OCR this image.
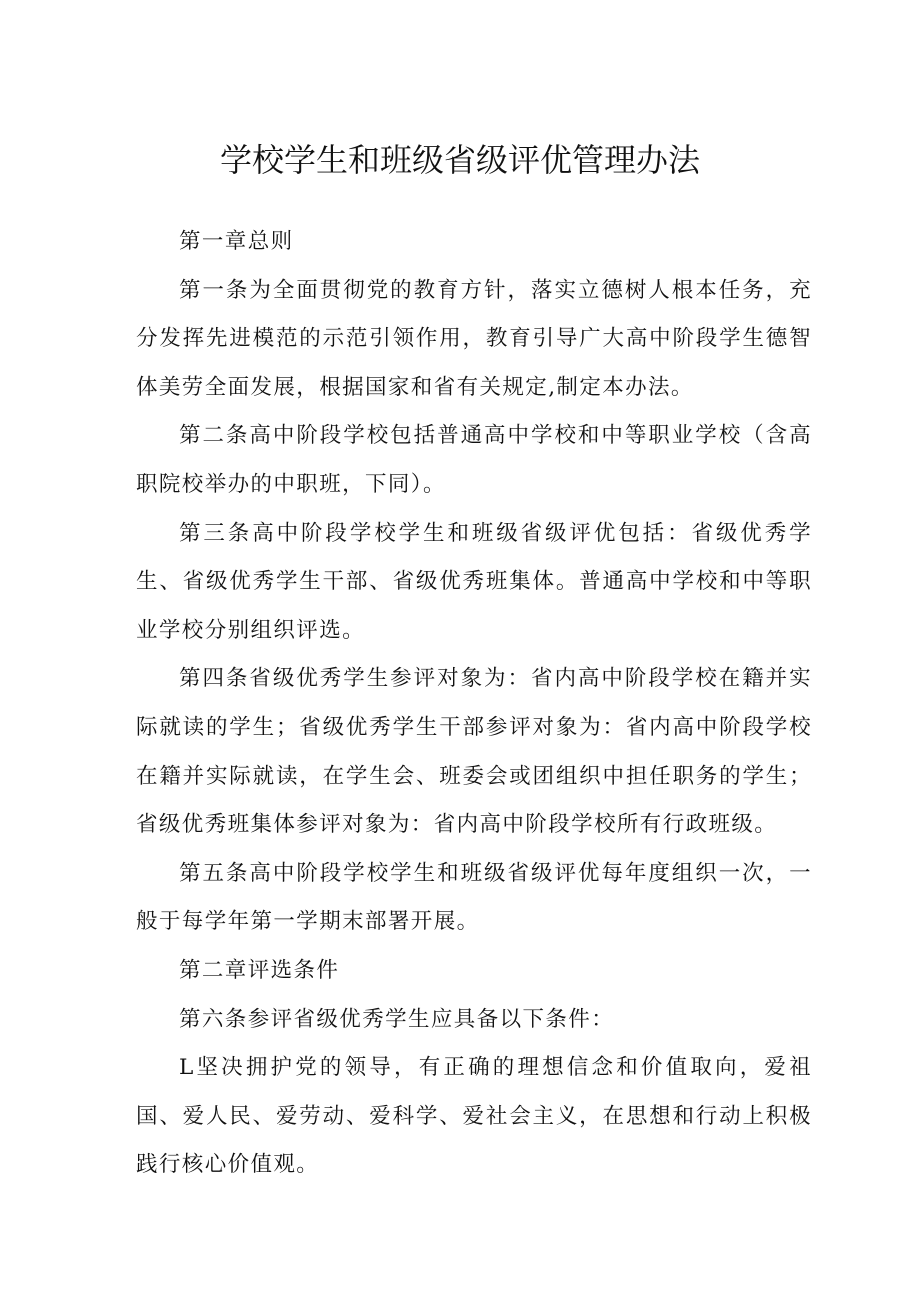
学校学生和班级省级评优管理办法

第一章总则

第一条为全面贯彻党的教育方针，落实立德树人根本任务，充分发挥先进模范的示范引领作用，教育引导广大高中阶段学生德智体美劳全面发展，根据国家和省有关规定,制定本办法。

第二条高中阶段学校包括普通高中学校和中等职业学校（含高职院校举办的中职班，下同）。

第三条高中阶段学校学生和班级省级评优包括：省级优秀学生、省级优秀学生干部、省级优秀班集体。普通高中学校和中等职业学校分别组织评选。

第四条省级优秀学生参评对象为：省内高中阶段学校在籍并实际就读的学生；省级优秀学生干部参评对象为：省内高中阶段学校在籍并实际就读，在学生会、班委会或团组织中担任职务的学生；省级优秀班集体参评对象为：省内高中阶段学校所有行政班级。

第五条高中阶段学校学生和班级省级评优每年度组织一次，一般于每学年第一学期末部署开展。

第二章评选条件

第六条参评省级优秀学生应具备以下条件：

L坚决拥护党的领导，有正确的理想信念和价值取向，爱祖国、爱人民、爱劳动、爱科学、爱社会主义，在思想和行动上积极践行核心价值观。
